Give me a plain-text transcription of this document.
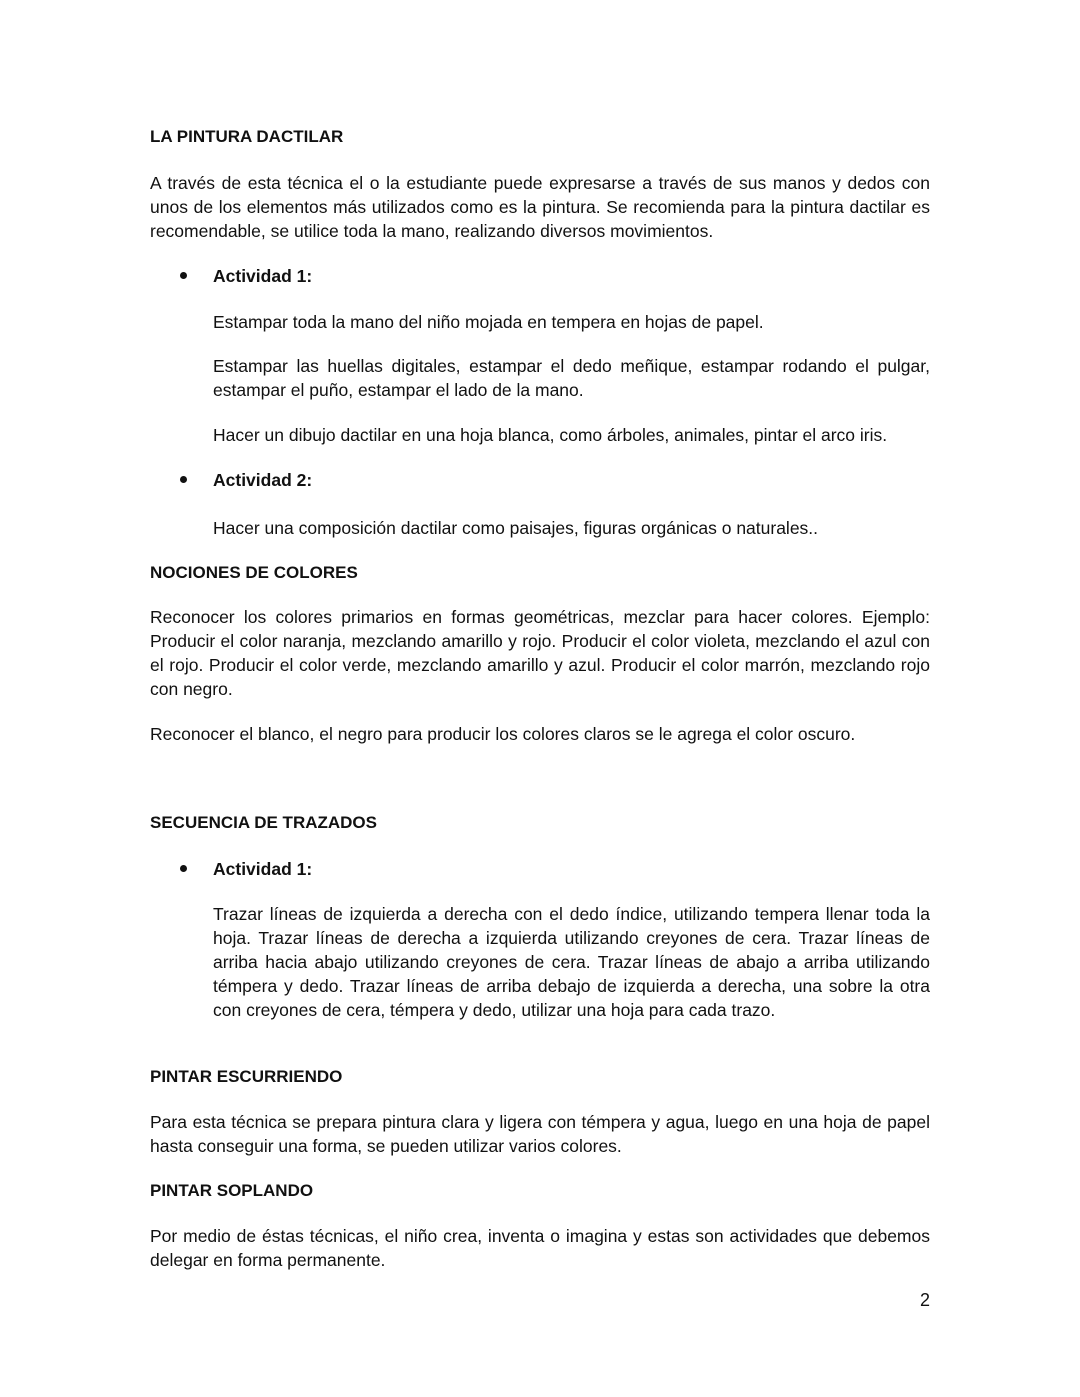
LA PINTURA DACTILAR

A través de esta técnica el o la estudiante puede expresarse a través de sus manos y dedos con unos de los elementos más utilizados como es la pintura. Se recomienda para la pintura dactilar es recomendable, se utilice toda la mano, realizando diversos movimientos.

Actividad 1:

Estampar toda la mano del niño mojada en tempera en hojas de papel.

Estampar las huellas digitales, estampar el dedo meñique, estampar rodando el pulgar, estampar el puño, estampar el lado de la mano.

Hacer un dibujo dactilar en una hoja blanca, como árboles, animales, pintar el arco iris.

Actividad 2:

Hacer una composición dactilar como paisajes, figuras orgánicas o naturales..

NOCIONES DE COLORES

Reconocer los colores primarios en formas geométricas, mezclar para hacer colores. Ejemplo: Producir el color naranja, mezclando amarillo y rojo. Producir el color violeta, mezclando el azul con el rojo. Producir el color verde, mezclando amarillo y azul. Producir el color marrón, mezclando rojo con negro.

Reconocer el blanco, el negro para producir los colores claros se le agrega el color oscuro.

SECUENCIA DE TRAZADOS

Actividad 1:

Trazar líneas de izquierda a derecha con el dedo índice, utilizando tempera llenar toda la hoja. Trazar líneas de derecha a izquierda utilizando creyones de cera. Trazar líneas de arriba hacia abajo utilizando creyones de cera. Trazar líneas de abajo a arriba utilizando témpera y dedo. Trazar líneas de arriba debajo de izquierda a derecha, una sobre la otra con creyones de cera, témpera y dedo, utilizar una hoja para cada trazo.

PINTAR ESCURRIENDO

Para esta técnica se prepara pintura clara y ligera con témpera y agua, luego en una hoja de papel hasta conseguir una forma, se pueden utilizar varios colores.

PINTAR SOPLANDO

Por medio de éstas técnicas, el niño crea, inventa o imagina y estas son actividades que debemos delegar en forma permanente.

2
